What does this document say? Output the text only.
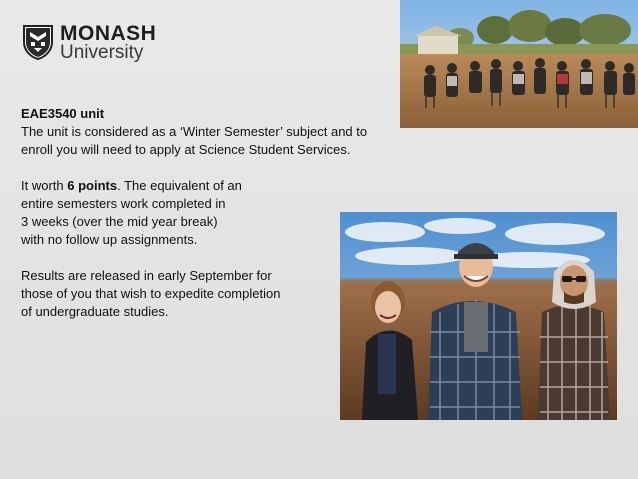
MONASH
University

EAE3540 unit
The unit is considered as a ‘Winter Semester’ subject and to
enroll you will need to apply at Science Student Services.

It worth 6 points. The equivalent of an
entire semesters work completed in
3 weeks (over the mid year break)
with no follow up assignments.

Results are released in early September for
those of you that wish to expedite completion
of undergraduate studies.
